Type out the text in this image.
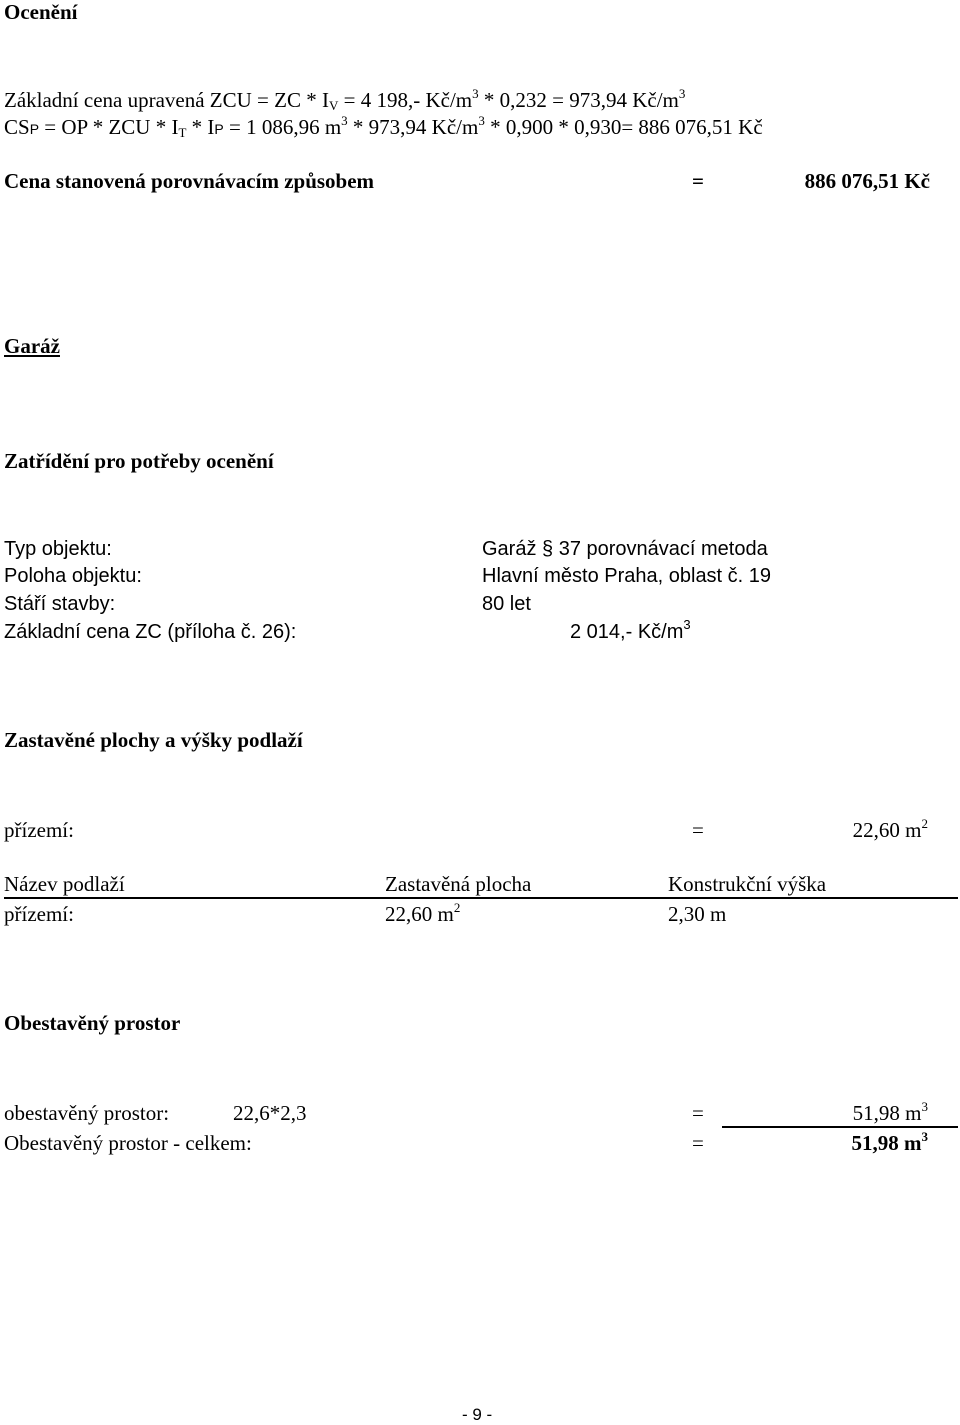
Ocenění
Základní cena upravená ZCU = ZC * $I_V = 4$ 198,- $Kč/m^3 * 0,232 = 973,94$ $Kč/m^3$
CSP = OP * ZCU * $I_T$ * IP = 1 086,96 $m^3 * 973,94$ $Kč/m^3 * 0,900 * 0,930= 886$ 076,51 Kč
Cena stanovená porovnávacím způsobem	=	886 076,51 Kč
Garáž
Zatřídění pro potřeby ocenění
Typ objektu:	Garáž § 37 porovnávací metoda
Poloha objektu:	Hlavní město Praha, oblast č. 19
Stáří stavby:	80 let
Základní cena ZC (příloha č. 26):	2 014,- $Kč/m^3$
Zastavěné plochy a výšky podlaží
přízemí:	=	22,60 $m^2$
Název podlaží	Zastavěná plocha	Konstrukční výška
přízemí:	22,60 $m^2$	2,30 m
Obestavěný prostor
obestavěný prostor:	22,6*2,3	=	51,98 $m^3$
Obestavěný prostor - celkem:	=	51,98 $m^3$
- 9 -
